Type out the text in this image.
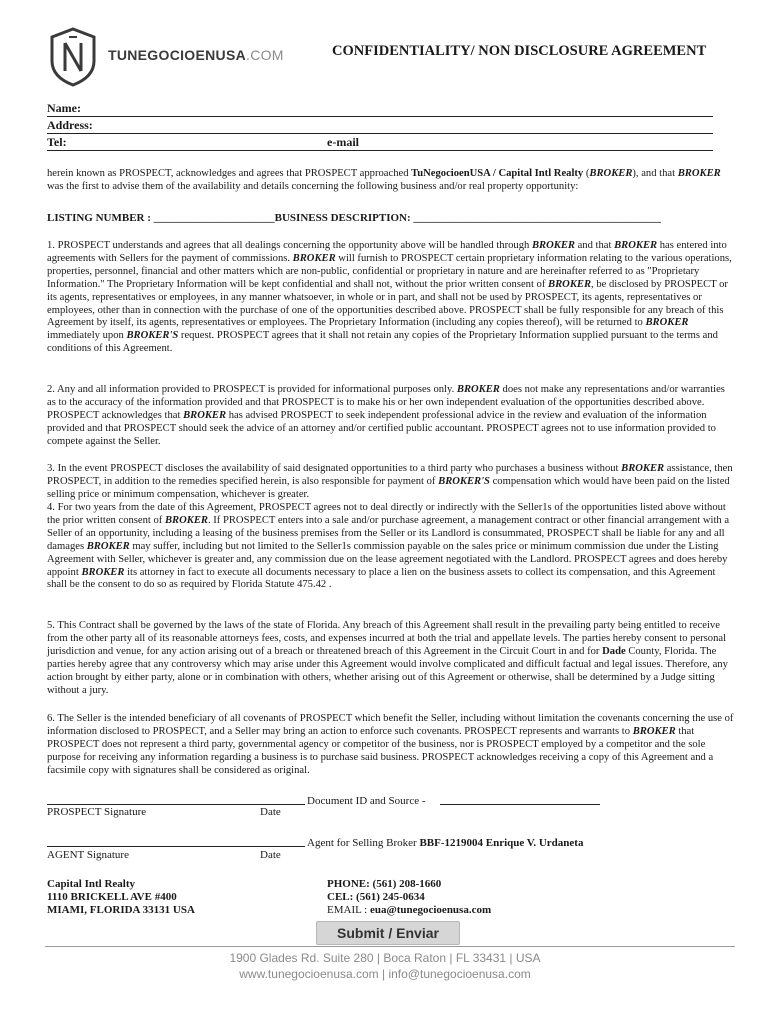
TUNEGOCIOENUSA.COM	CONFIDENTIALITY/ NON DISCLOSURE AGREEMENT
Name:
Address:
Tel:	e-mail

herein known as PROSPECT, acknowledges and agrees that PROSPECT approached TuNegocioenUSA / Capital Intl Realty (BROKER), and that BROKER was the first to advise them of the availability and details concerning the following business and/or real property opportunity:

LISTING NUMBER : ______________________BUSINESS DESCRIPTION: _____________________________________________

1. PROSPECT understands and agrees that all dealings concerning the opportunity above will be handled through BROKER and that BROKER has entered into agreements with Sellers for the payment of commissions. BROKER will furnish to PROSPECT certain proprietary information relating to the various operations, properties, personnel, financial and other matters which are non-public, confidential or proprietary in nature and are hereinafter referred to as "Proprietary Information." The Proprietary Information will be kept confidential and shall not, without the prior written consent of BROKER, be disclosed by PROSPECT or its agents, representatives or employees, in any manner whatsoever, in whole or in part, and shall not be used by PROSPECT, its agents, representatives or employees, other than in connection with the purchase of one of the opportunities described above. PROSPECT shall be fully responsible for any breach of this Agreement by itself, its agents, representatives or employees. The Proprietary Information (including any copies thereof), will be returned to BROKER immediately upon BROKER'S request. PROSPECT agrees that it shall not retain any copies of the Proprietary Information supplied pursuant to the terms and conditions of this Agreement.

2. Any and all information provided to PROSPECT is provided for informational purposes only. BROKER does not make any representations and/or warranties as to the accuracy of the information provided and that PROSPECT is to make his or her own independent evaluation of the opportunities described above. PROSPECT acknowledges that BROKER has advised PROSPECT to seek independent professional advice in the review and evaluation of the information provided and that PROSPECT should seek the advice of an attorney and/or certified public accountant. PROSPECT agrees not to use information provided to compete against the Seller.

3. In the event PROSPECT discloses the availability of said designated opportunities to a third party who purchases a business without BROKER assistance, then PROSPECT, in addition to the remedies specified herein, is also responsible for payment of BROKER'S compensation which would have been paid on the listed selling price or minimum compensation, whichever is greater.

4. For two years from the date of this Agreement, PROSPECT agrees not to deal directly or indirectly with the Seller1s of the opportunities listed above without the prior written consent of BROKER. If PROSPECT enters into a sale and/or purchase agreement, a management contract or other financial arrangement with a Seller of an opportunity, including a leasing of the business premises from the Seller or its Landlord is consummated, PROSPECT shall be liable for any and all damages BROKER may suffer, including but not limited to the Seller1s commission payable on the sales price or minimum commission due under the Listing Agreement with Seller, whichever is greater and, any commission due on the lease agreement negotiated with the Landlord. PROSPECT agrees and does hereby appoint BROKER its attorney in fact to execute all documents necessary to place a lien on the business assets to collect its compensation, and this Agreement shall be the consent to do so as required by Florida Statute 475.42 .

5. This Contract shall be governed by the laws of the state of Florida. Any breach of this Agreement shall result in the prevailing party being entitled to receive from the other party all of its reasonable attorneys fees, costs, and expenses incurred at both the trial and appellate levels. The parties hereby consent to personal jurisdiction and venue, for any action arising out of a breach or threatened breach of this Agreement in the Circuit Court in and for Dade County, Florida. The parties hereby agree that any controversy which may arise under this Agreement would involve complicated and difficult factual and legal issues. Therefore, any action brought by either party, alone or in combination with others, whether arising out of this Agreement or otherwise, shall be determined by a Judge sitting without a jury.

6. The Seller is the intended beneficiary of all covenants of PROSPECT which benefit the Seller, including without limitation the covenants concerning the use of information disclosed to PROSPECT, and a Seller may bring an action to enforce such covenants. PROSPECT represents and warrants to BROKER that PROSPECT does not represent a third party, governmental agency or competitor of the business, nor is PROSPECT employed by a competitor and the sole purpose for receiving any information regarding a business is to purchase said business. PROSPECT acknowledges receiving a copy of this Agreement and a facsimile copy with signatures shall be considered as original.

Document ID and Source -
PROSPECT Signature	Date
Agent for Selling Broker BBF-1219004 Enrique V. Urdaneta
AGENT Signature	Date
Capital Intl Realty
1110 BRICKELL AVE #400
MIAMI, FLORIDA 33131 USA
PHONE: (561) 208-1660
CEL: (561) 245-0634
EMAIL : eua@tunegocioenusa.com
Submit / Enviar
1900 Glades Rd. Suite 280 | Boca Raton | FL 33431 | USA
www.tunegocioenusa.com | info@tunegocioenusa.com
